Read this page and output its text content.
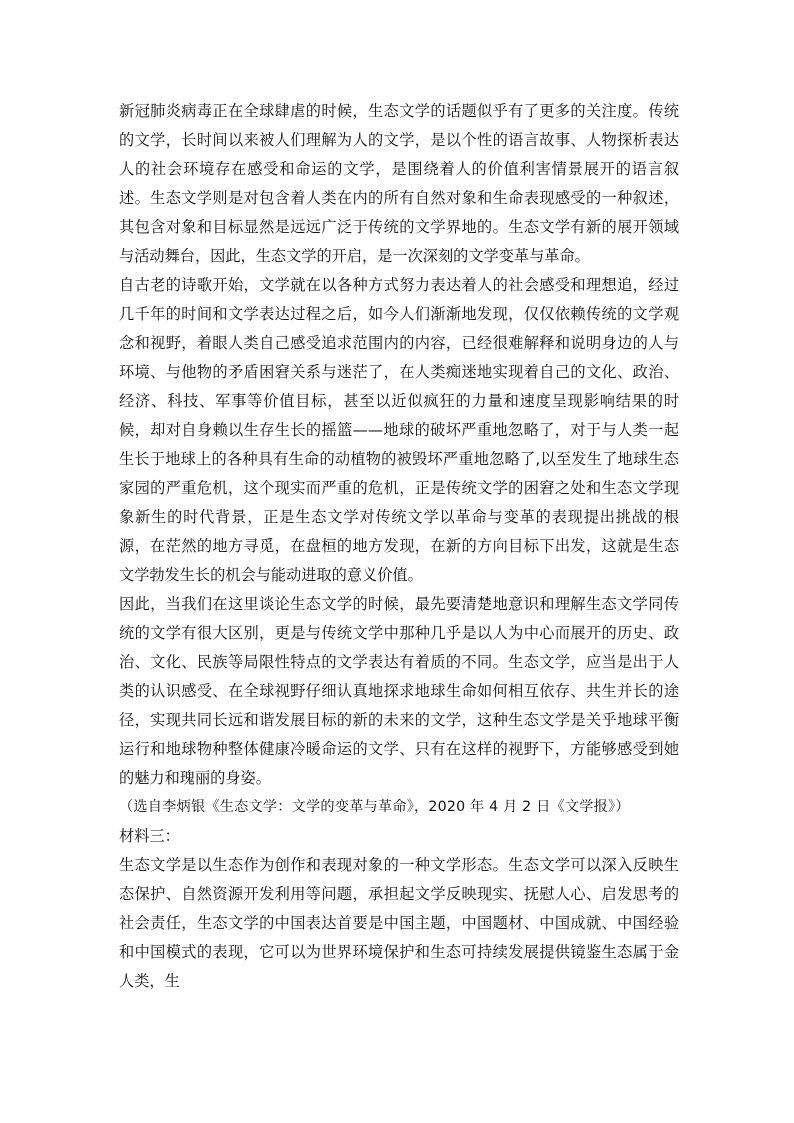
新冠肺炎病毒正在全球肆虐的时候，生态文学的话题似乎有了更多的关注度。传统的文学，长时间以来被人们理解为人的文学，是以个性的语言故事、人物探析表达人的社会环境存在感受和命运的文学，是围绕着人的价值利害情景展开的语言叙述。生态文学则是对包含着人类在内的所有自然对象和生命表现感受的一种叙述，其包含对象和目标显然是远远广泛于传统的文学界地的。生态文学有新的展开领域与活动舞台，因此，生态文学的开启，是一次深刻的文学变革与革命。

自古老的诗歌开始，文学就在以各种方式努力表达着人的社会感受和理想追，经过几千年的时间和文学表达过程之后，如今人们渐渐地发现，仅仅依赖传统的文学观念和视野，着眼人类自己感受追求范围内的内容，已经很难解释和说明身边的人与环境、与他物的矛盾困窘关系与迷茫了，在人类痴迷地实现着自己的文化、政治、经济、科技、军事等价值目标，甚至以近似疯狂的力量和速度呈现影响结果的时候，却对自身赖以生存生长的摇篮——地球的破坏严重地忽略了，对于与人类一起生长于地球上的各种具有生命的动植物的被毁坏严重地忽略了,以至发生了地球生态家园的严重危机，这个现实而严重的危机，正是传统文学的困窘之处和生态文学现象新生的时代背景，正是生态文学对传统文学以革命与变革的表现提出挑战的根源，在茫然的地方寻觅，在盘桓的地方发现，在新的方向目标下出发，这就是生态文学勃发生长的机会与能动进取的意义价值。

因此，当我们在这里谈论生态文学的时候，最先要清楚地意识和理解生态文学同传统的文学有很大区别，更是与传统文学中那种几乎是以人为中心而展开的历史、政治、文化、民族等局限性特点的文学表达有着质的不同。生态文学，应当是出于人类的认识感受、在全球视野仔细认真地探求地球生命如何相互依存、共生并长的途径，实现共同长远和谐发展目标的新的未来的文学，这种生态文学是关乎地球平衡运行和地球物种整体健康冷暖命运的文学、只有在这样的视野下，方能够感受到她的魅力和瑰丽的身姿。

（选自李炳银《生态文学：文学的变革与革命》，2020 年 4 月 2 日《文学报》）

材料三：

生态文学是以生态作为创作和表现对象的一种文学形态。生态文学可以深入反映生态保护、自然资源开发利用等问题，承担起文学反映现实、抚慰人心、启发思考的社会责任，生态文学的中国表达首要是中国主题，中国题材、中国成就、中国经验和中国模式的表现，它可以为世界环境保护和生态可持续发展提供镜鉴生态属于金人类，生
